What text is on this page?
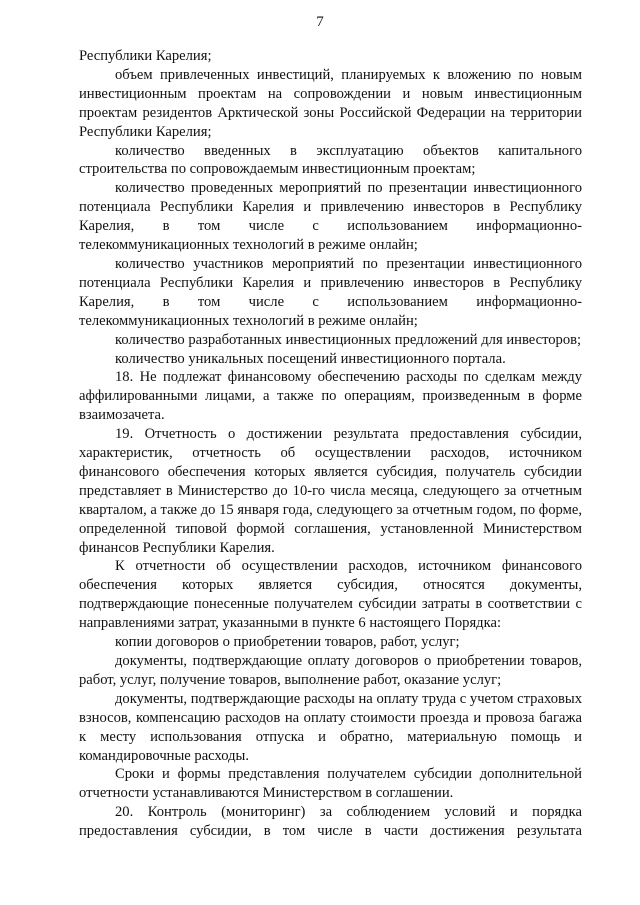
7

Республики Карелия;

объем привлеченных инвестиций, планируемых к вложению по новым инвестиционным проектам на сопровождении и новым инвестиционным проектам резидентов Арктической зоны Российской Федерации на территории Республики Карелия;

количество введенных в эксплуатацию объектов капитального строительства по сопровождаемым инвестиционным проектам;

количество проведенных мероприятий по презентации инвестиционного потенциала Республики Карелия и привлечению инвесторов в Республику Карелия, в том числе с использованием информационно-телекоммуникационных технологий в режиме онлайн;

количество участников мероприятий по презентации инвестиционного потенциала Республики Карелия и привлечению инвесторов в Республику Карелия, в том числе с использованием информационно-телекоммуникационных технологий в режиме онлайн;

количество разработанных инвестиционных предложений для инвесторов;

количество уникальных посещений инвестиционного портала.

18. Не подлежат финансовому обеспечению расходы по сделкам между аффилированными лицами, а также по операциям, произведенным в форме взаимозачета.

19. Отчетность о достижении результата предоставления субсидии, характеристик, отчетность об осуществлении расходов, источником финансового обеспечения которых является субсидия, получатель субсидии представляет в Министерство до 10-го числа месяца, следующего за отчетным кварталом, а также до 15 января года, следующего за отчетным годом, по форме, определенной типовой формой соглашения, установленной Министерством финансов Республики Карелия.

К отчетности об осуществлении расходов, источником финансового обеспечения которых является субсидия, относятся документы, подтверждающие понесенные получателем субсидии затраты в соответствии с направлениями затрат, указанными в пункте 6 настоящего Порядка:

копии договоров о приобретении товаров, работ, услуг;

документы, подтверждающие оплату договоров о приобретении товаров, работ, услуг, получение товаров, выполнение работ, оказание услуг;

документы, подтверждающие расходы на оплату труда с учетом страховых взносов, компенсацию расходов на оплату стоимости проезда и провоза багажа к месту использования отпуска и обратно, материальную помощь и командировочные расходы.

Сроки и формы представления получателем субсидии дополнительной отчетности устанавливаются Министерством в соглашении.

20. Контроль (мониторинг) за соблюдением условий и порядка предоставления субсидии, в том числе в части достижения результата
